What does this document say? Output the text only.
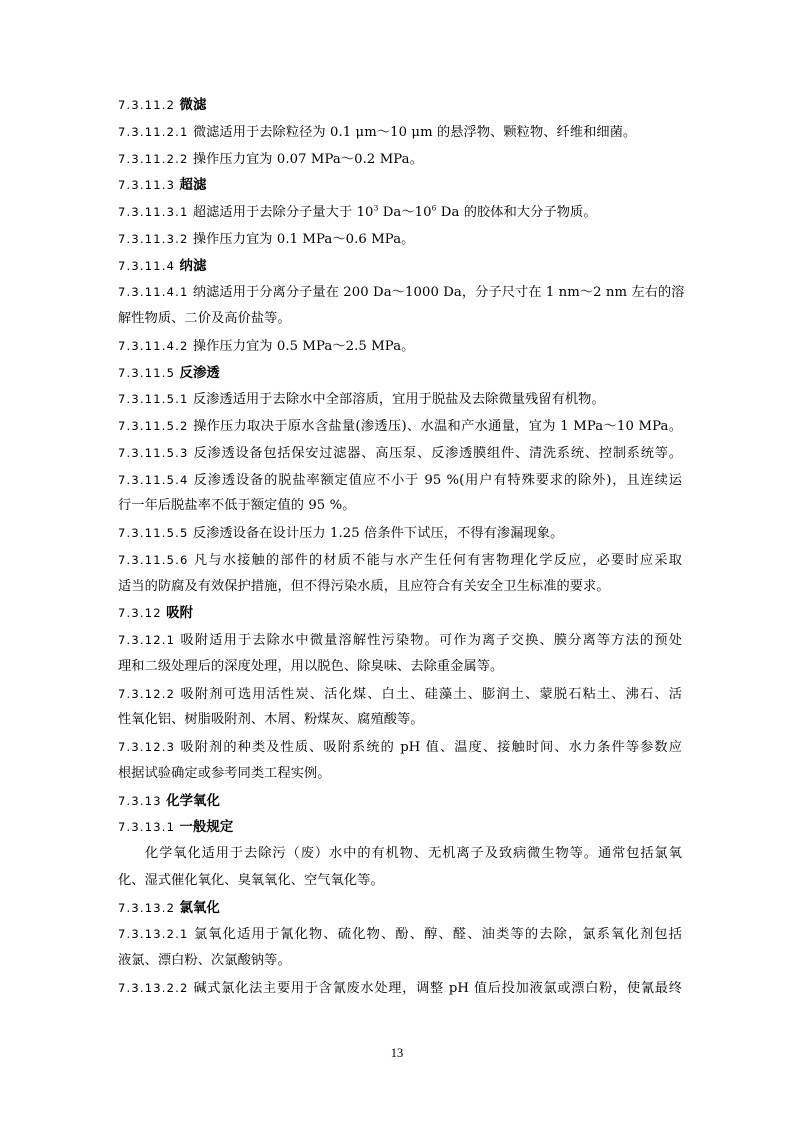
7.3.11.2 微滤
7.3.11.2.1 微滤适用于去除粒径为 0.1 μm～10 μm 的悬浮物、颗粒物、纤维和细菌。
7.3.11.2.2 操作压力宜为 0.07 MPa～0.2 MPa。
7.3.11.3 超滤
7.3.11.3.1 超滤适用于去除分子量大于 $10^3$ $Da\sim 10^6$ Da 的胶体和大分子物质。
7.3.11.3.2 操作压力宜为 0.1 MPa～0.6 MPa。
7.3.11.4 纳滤
7.3.11.4.1 纳滤适用于分离分子量在 200 Da～1000 Da，分子尺寸在 1 nm～2 nm 左右的溶
解性物质、二价及高价盐等。
7.3.11.4.2 操作压力宜为 0.5 MPa～2.5 MPa。
7.3.11.5 反渗透
7.3.11.5.1 反渗透适用于去除水中全部溶质，宜用于脱盐及去除微量残留有机物。
7.3.11.5.2 操作压力取决于原水含盐量(渗透压)、水温和产水通量，宜为 1 MPa～10 MPa。
7.3.11.5.3 反渗透设备包括保安过滤器、高压泵、反渗透膜组件、清洗系统、控制系统等。
7.3.11.5.4 反渗透设备的脱盐率额定值应不小于 95 %(用户有特殊要求的除外)，且连续运
行一年后脱盐率不低于额定值的 95 %。
7.3.11.5.5 反渗透设备在设计压力 1.25 倍条件下试压，不得有渗漏现象。
7.3.11.5.6 凡与水接触的部件的材质不能与水产生任何有害物理化学反应，必要时应采取
适当的防腐及有效保护措施，但不得污染水质，且应符合有关安全卫生标准的要求。
7.3.12 吸附
7.3.12.1 吸附适用于去除水中微量溶解性污染物。可作为离子交换、膜分离等方法的预处
理和二级处理后的深度处理，用以脱色、除臭味、去除重金属等。
7.3.12.2 吸附剂可选用活性炭、活化煤、白土、硅藻土、膨润土、蒙脱石粘土、沸石、活
性氧化铝、树脂吸附剂、木屑、粉煤灰、腐殖酸等。
7.3.12.3 吸附剂的种类及性质、吸附系统的 pH 值、温度、接触时间、水力条件等参数应
根据试验确定或参考同类工程实例。
7.3.13 化学氧化
7.3.13.1 一般规定
化学氧化适用于去除污（废）水中的有机物、无机离子及致病微生物等。通常包括氯氧
化、湿式催化氧化、臭氧氧化、空气氧化等。
7.3.13.2 氯氧化
7.3.13.2.1 氯氧化适用于氰化物、硫化物、酚、醇、醛、油类等的去除，氯系氧化剂包括
液氯、漂白粉、次氯酸钠等。
7.3.13.2.2 碱式氯化法主要用于含氰废水处理，调整 pH 值后投加液氯或漂白粉，使氰最终
13
